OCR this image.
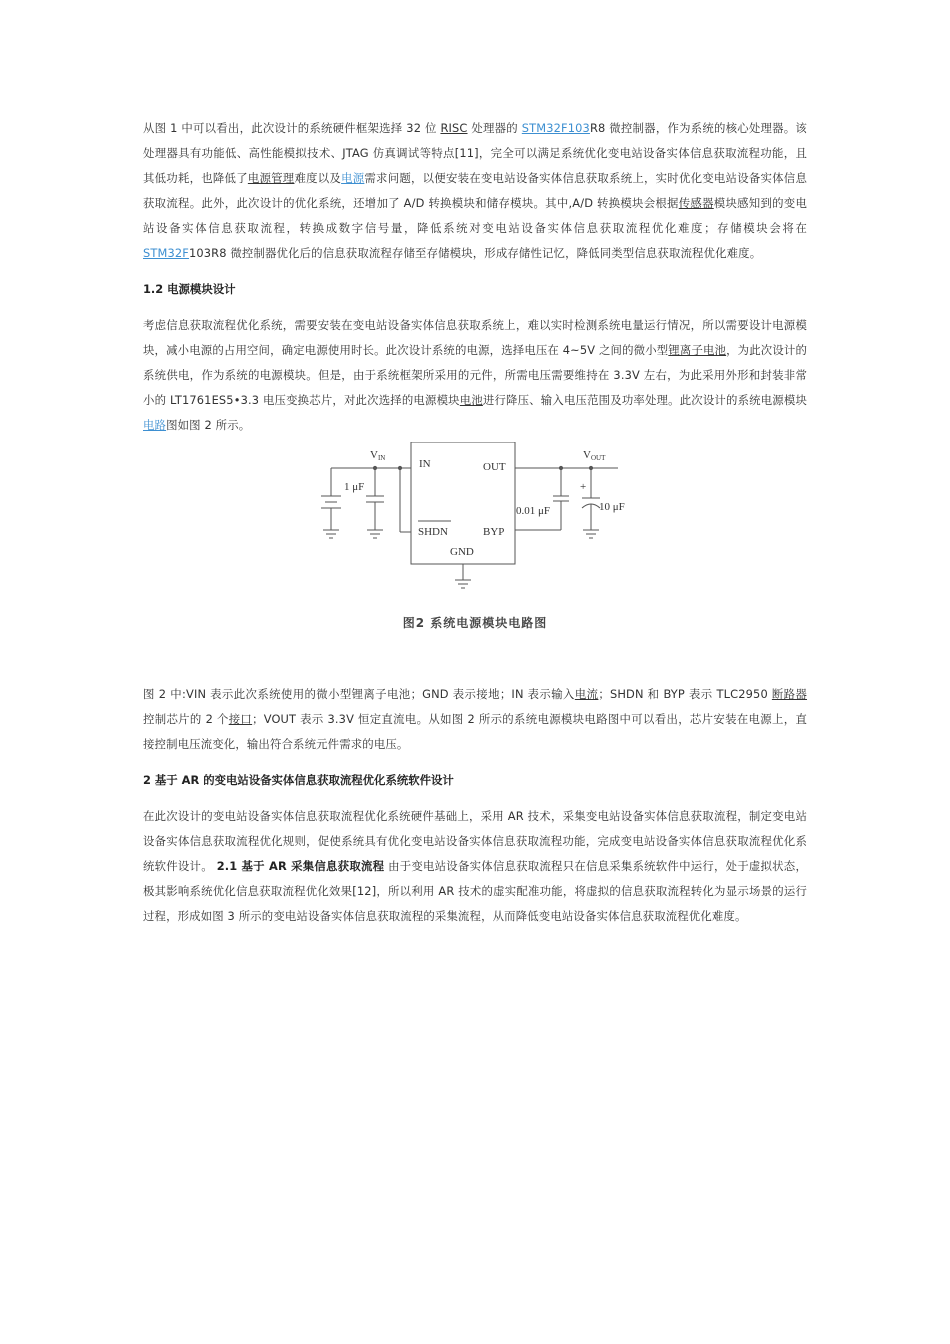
从图 1 中可以看出，此次设计的系统硬件框架选择 32 位 RISC 处理器的 STM32F103R8 微控制器，作为系统的核心处理器。该处理器具有功能低、高性能模拟技术、JTAG 仿真调试等特点[11]，完全可以满足系统优化变电站设备实体信息获取流程功能，且其低功耗，也降低了电源管理难度以及电源需求问题，以便安装在变电站设备实体信息获取系统上，实时优化变电站设备实体信息获取流程。此外，此次设计的优化系统，还增加了 A/D 转换模块和储存模块。其中,A/D 转换模块会根据传感器模块感知到的变电站设备实体信息获取流程，转换成数字信号量，降低系统对变电站设备实体信息获取流程优化难度；存储模块会将在 STM32F103R8 微控制器优化后的信息获取流程存储至存储模块，形成存储性记忆，降低同类型信息获取流程优化难度。

1.2 电源模块设计

考虑信息获取流程优化系统，需要安装在变电站设备实体信息获取系统上，难以实时检测系统电量运行情况，所以需要设计电源模块，减小电源的占用空间，确定电源使用时长。此次设计系统的电源，选择电压在 4~5V 之间的微小型锂离子电池，为此次设计的系统供电，作为系统的电源模块。但是，由于系统框架所采用的元件，所需电压需要维持在 3.3V 左右，为此采用外形和封装非常小的 LT1761ES5•3.3 电压变换芯片，对此次选择的电源模块电池进行降压、输入电压范围及功率处理。此次设计的系统电源模块电路图如图 2 所示。

VIN	VOUT
IN	OUT
SHDN	BYP
GND
1 μF
0.01 μF	10 μF
+
图2 系统电源模块电路图

图 2 中:VIN 表示此次系统使用的微小型锂离子电池；GND 表示接地；IN 表示输入电流；SHDN 和 BYP 表示 TLC2950 断路器控制芯片的 2 个接口；VOUT 表示 3.3V 恒定直流电。从如图 2 所示的系统电源模块电路图中可以看出，芯片安装在电源上，直接控制电压流变化，输出符合系统元件需求的电压。

2 基于 AR 的变电站设备实体信息获取流程优化系统软件设计

在此次设计的变电站设备实体信息获取流程优化系统硬件基础上，采用 AR 技术，采集变电站设备实体信息获取流程，制定变电站设备实体信息获取流程优化规则，促使系统具有优化变电站设备实体信息获取流程功能，完成变电站设备实体信息获取流程优化系统软件设计。 2.1 基于 AR 采集信息获取流程 由于变电站设备实体信息获取流程只在信息采集系统软件中运行，处于虚拟状态，极其影响系统优化信息获取流程优化效果[12]，所以利用 AR 技术的虚实配准功能，将虚拟的信息获取流程转化为显示场景的运行过程，形成如图 3 所示的变电站设备实体信息获取流程的采集流程，从而降低变电站设备实体信息获取流程优化难度。
